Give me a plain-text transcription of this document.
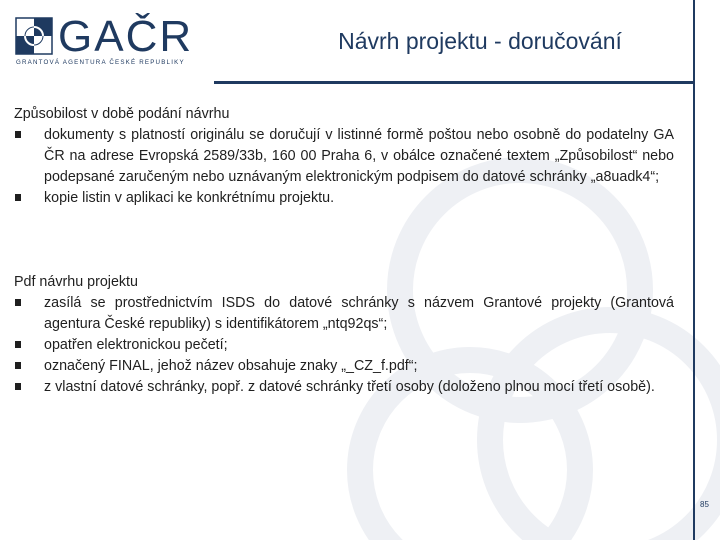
GAČR
GRANTOVÁ AGENTURA ČESKÉ REPUBLIKY
Návrh projektu - doručování
Způsobilost v době podání návrhu
dokumenty s platností originálu se doručují v listinné formě poštou nebo osobně do podatelny GA ČR na adrese Evropská 2589/33b, 160 00 Praha 6, v obálce označené textem „Způsobilost“ nebo podepsané zaručeným nebo uznávaným elektronickým podpisem do datové schránky „a8uadk4“;
kopie listin v aplikaci ke konkrétnímu projektu.
Pdf návrhu projektu
zasílá se prostřednictvím ISDS do datové schránky s názvem Grantové projekty (Grantová agentura České republiky) s identifikátorem „ntq92qs“;
opatřen elektronickou pečetí;
označený FINAL, jehož název obsahuje znaky „_CZ_f.pdf“;
z vlastní datové schránky, popř. z datové schránky třetí osoby (doloženo plnou mocí třetí osobě).
85
